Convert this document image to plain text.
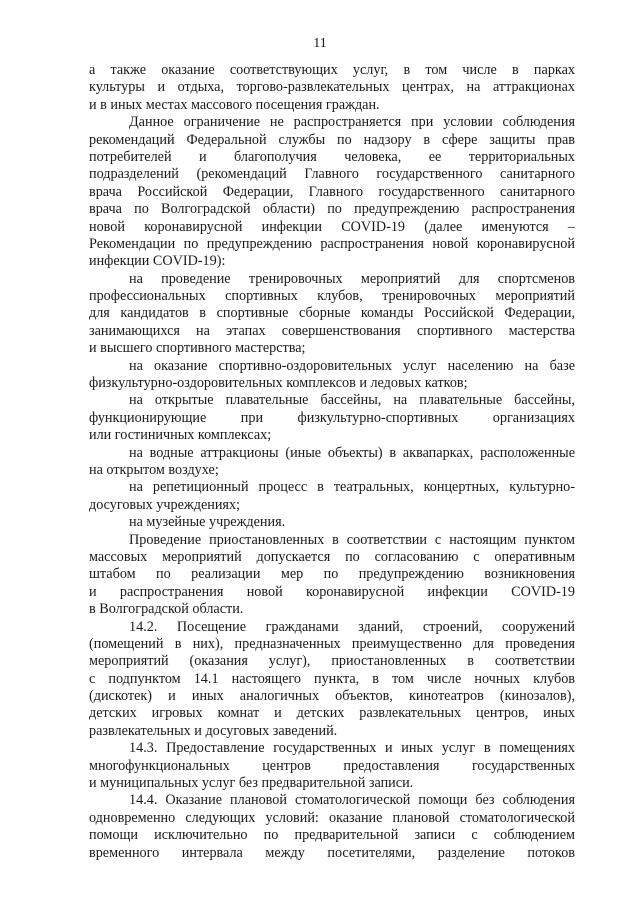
11
а также оказание соответствующих услуг, в том числе в парках
культуры и отдыха, торгово-развлекательных центрах, на аттракционах
и в иных местах массового посещения граждан.
Данное ограничение не распространяется при условии соблюдения
рекомендаций Федеральной службы по надзору в сфере защиты прав
потребителей и благополучия человека, ее территориальных
подразделений (рекомендаций Главного государственного санитарного
врача Российской Федерации, Главного государственного санитарного
врача по Волгоградской области) по предупреждению распространения
новой коронавирусной инфекции COVID-19 (далее именуются –
Рекомендации по предупреждению распространения новой коронавирусной
инфекции COVID-19):
на проведение тренировочных мероприятий для спортсменов
профессиональных спортивных клубов, тренировочных мероприятий
для кандидатов в спортивные сборные команды Российской Федерации,
занимающихся на этапах совершенствования спортивного мастерства
и высшего спортивного мастерства;
на оказание спортивно-оздоровительных услуг населению на базе
физкультурно-оздоровительных комплексов и ледовых катков;
на открытые плавательные бассейны, на плавательные бассейны,
функционирующие при физкультурно-спортивных организациях
или гостиничных комплексах;
на водные аттракционы (иные объекты) в аквапарках, расположенные
на открытом воздухе;
на репетиционный процесс в театральных, концертных, культурно-
досуговых учреждениях;
на музейные учреждения.
Проведение приостановленных в соответствии с настоящим пунктом
массовых мероприятий допускается по согласованию с оперативным
штабом по реализации мер по предупреждению возникновения
и распространения новой коронавирусной инфекции COVID-19
в Волгоградской области.
14.2. Посещение гражданами зданий, строений, сооружений
(помещений в них), предназначенных преимущественно для проведения
мероприятий (оказания услуг), приостановленных в соответствии
с подпунктом 14.1 настоящего пункта, в том числе ночных клубов
(дискотек) и иных аналогичных объектов, кинотеатров (кинозалов),
детских игровых комнат и детских развлекательных центров, иных
развлекательных и досуговых заведений.
14.3. Предоставление государственных и иных услуг в помещениях
многофункциональных центров предоставления государственных
и муниципальных услуг без предварительной записи.
14.4. Оказание плановой стоматологической помощи без соблюдения
одновременно следующих условий: оказание плановой стоматологической
помощи исключительно по предварительной записи с соблюдением
временного интервала между посетителями, разделение потоков
